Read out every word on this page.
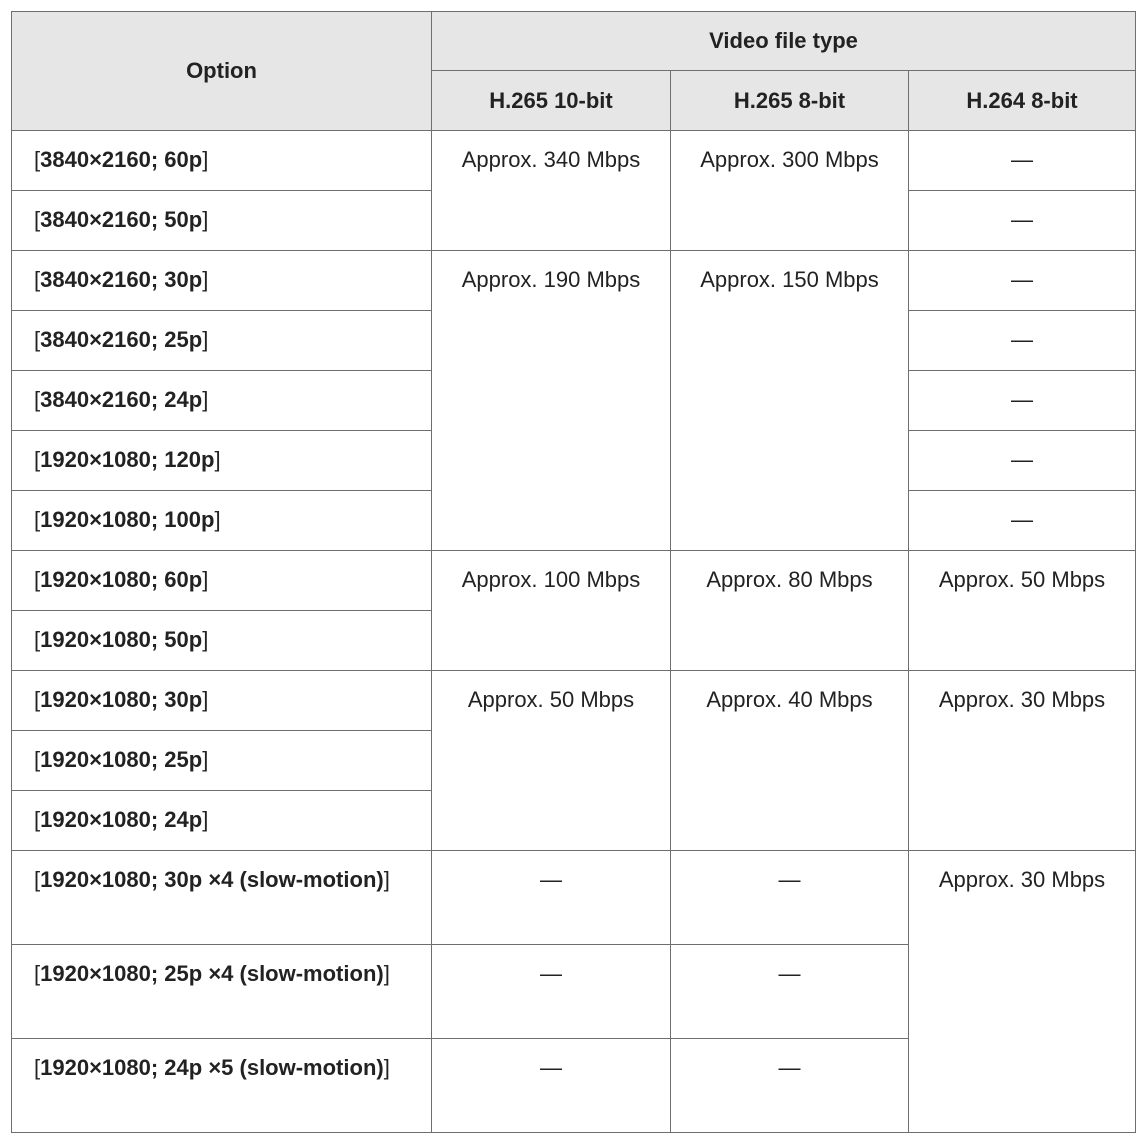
Option	Video file type		
	H.265 10-bit	H.265 8-bit	H.264 8-bit
[3840×2160; 60p]	Approx. 340 Mbps	Approx. 300 Mbps	—
[3840×2160; 50p]			—
[3840×2160; 30p]	Approx. 190 Mbps	Approx. 150 Mbps	—
[3840×2160; 25p]			—
[3840×2160; 24p]			—
[1920×1080; 120p]			—
[1920×1080; 100p]			—
[1920×1080; 60p]	Approx. 100 Mbps	Approx. 80 Mbps	Approx. 50 Mbps
[1920×1080; 50p]			
[1920×1080; 30p]	Approx. 50 Mbps	Approx. 40 Mbps	Approx. 30 Mbps
[1920×1080; 25p]			
[1920×1080; 24p]			
[1920×1080; 30p ×4 (slow-motion)]	—	—	Approx. 30 Mbps
[1920×1080; 25p ×4 (slow-motion)]	—	—	
[1920×1080; 24p ×5 (slow-motion)]	—	—	
